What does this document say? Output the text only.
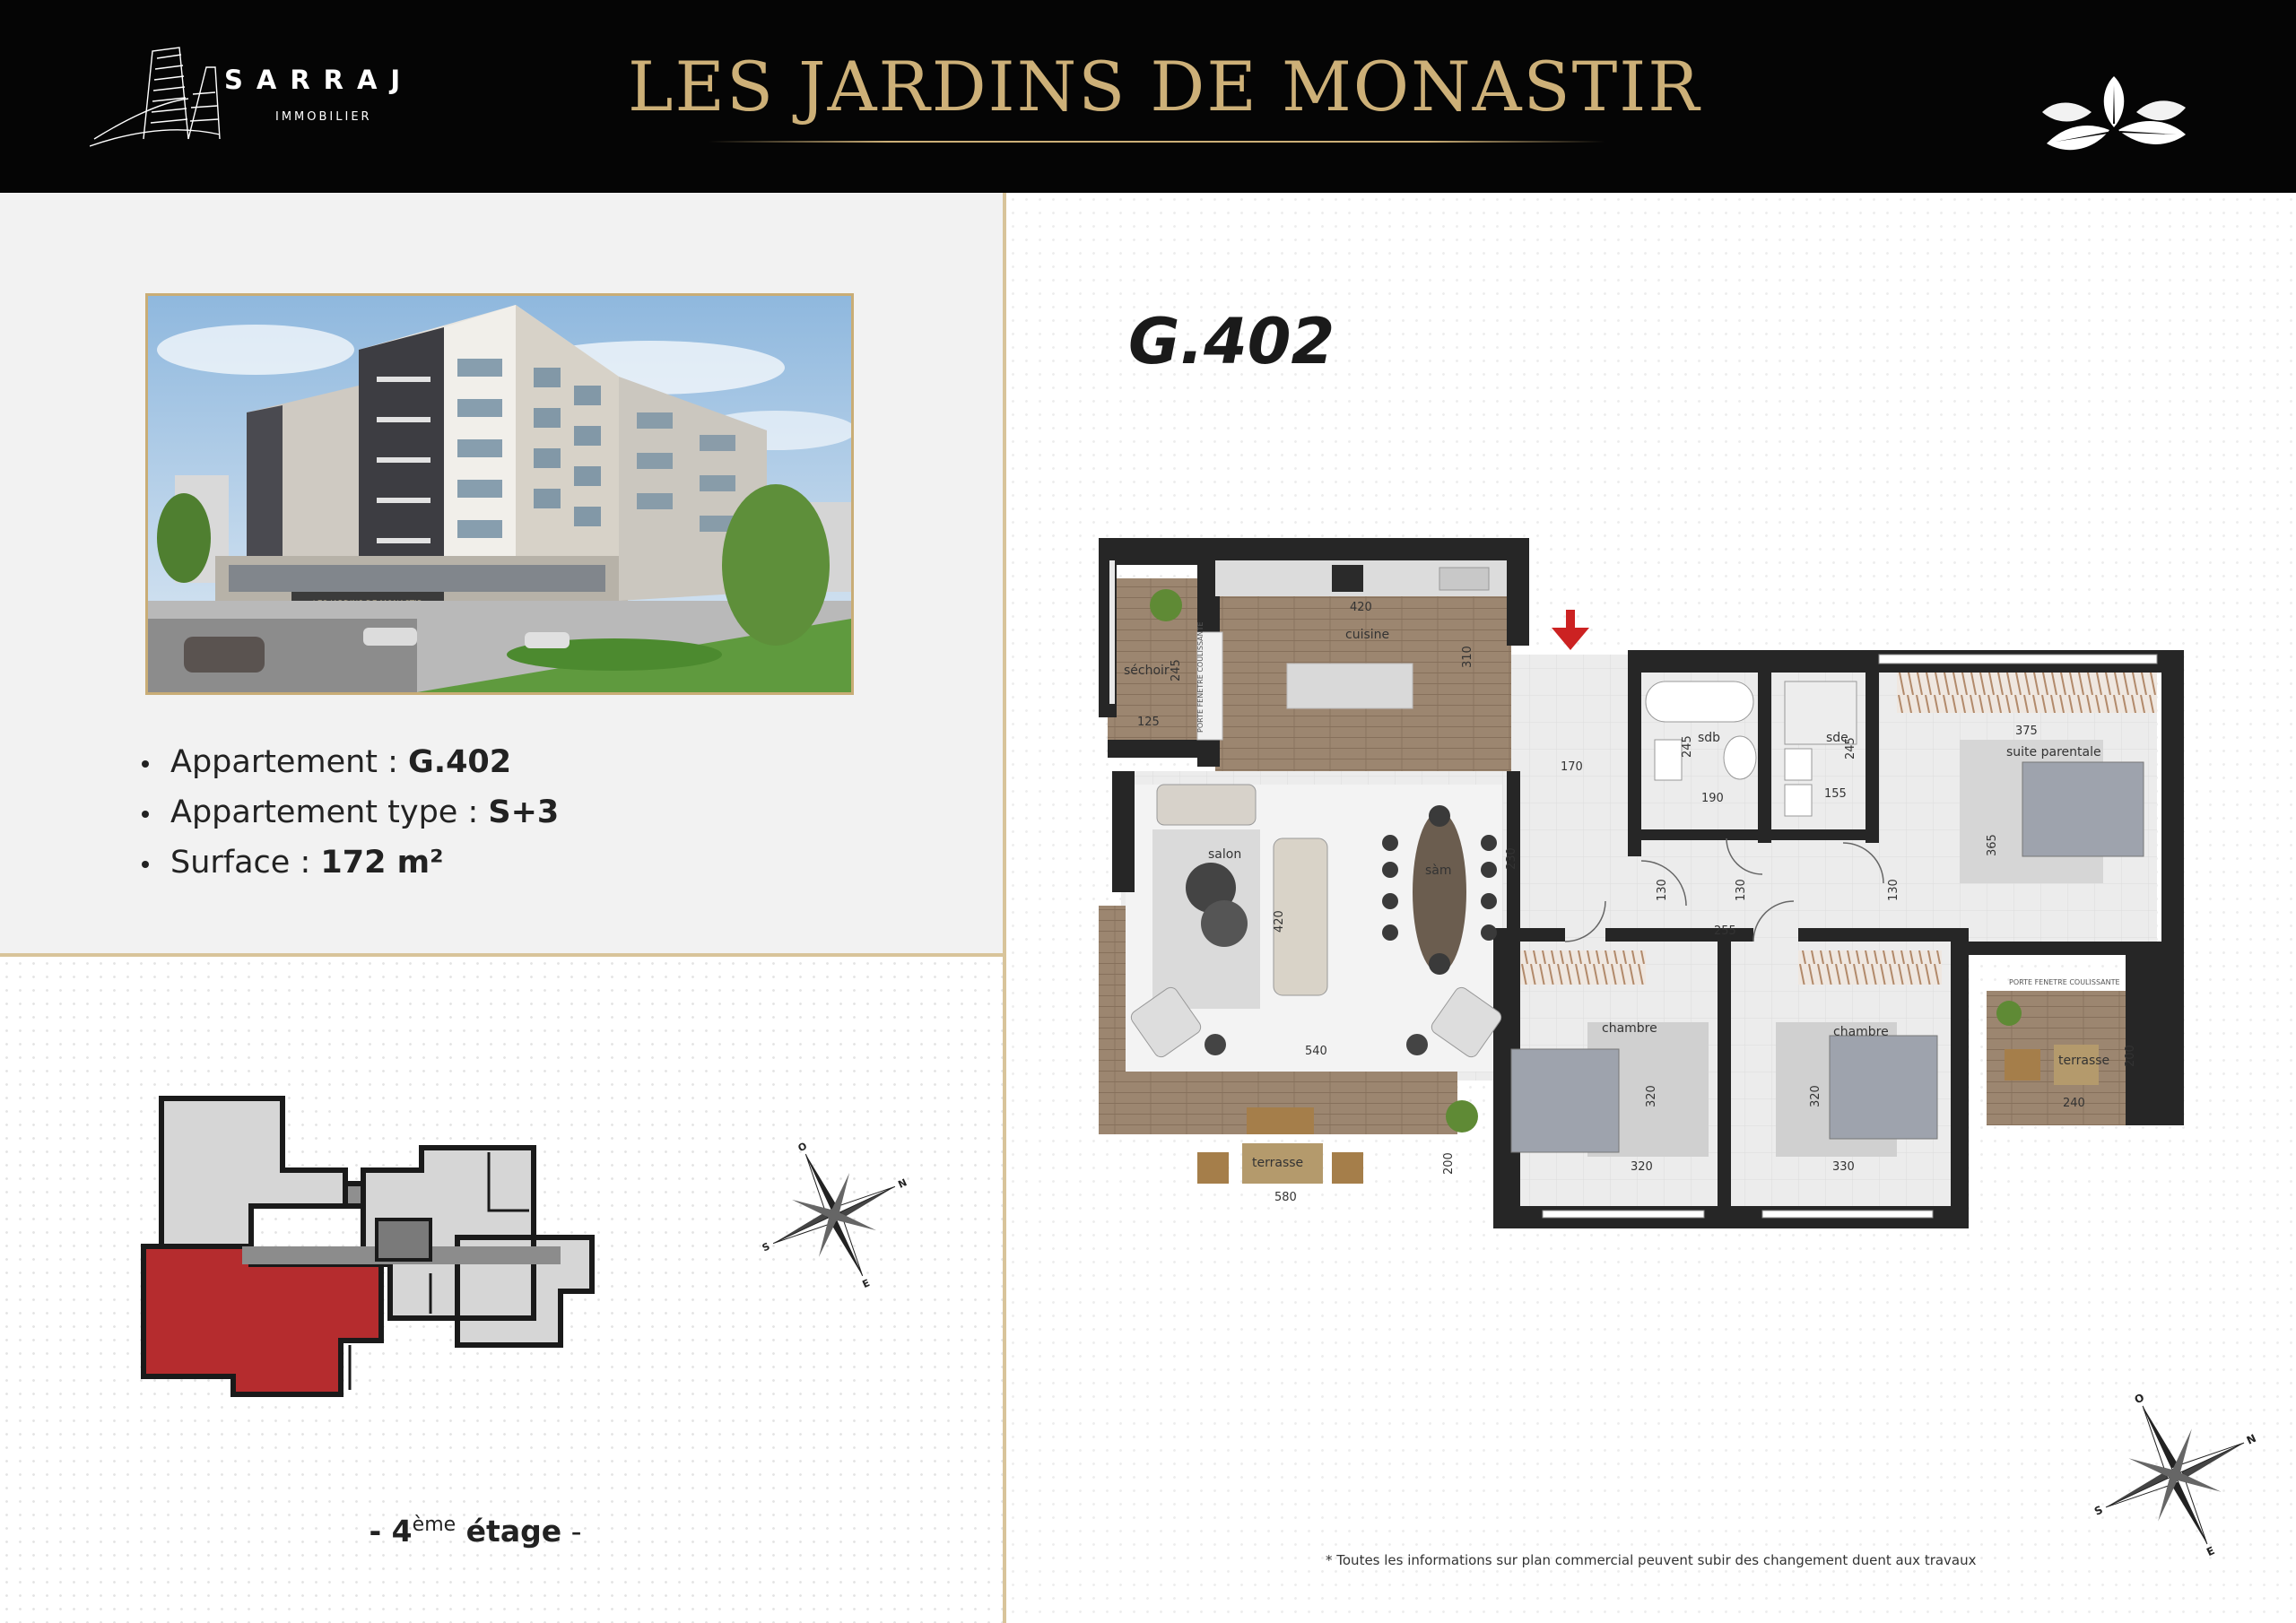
SARRAJ
IMMOBILIER	LES JARDINS DE MONASTIR
Appartement : G.402
Appartement type : S+3
Surface : 172 m²
O
N
E
S
- 4ème étage -
G.402
séchoir
cuisine
salon
sàm
terrasse
sdb	sde
suite parentale
chambre	chambre
terrasse
420
310
245
125
170
230
245
190
245
155
375
365
130	130
130
255
420
540
580
200
320
320
320
330
200
240
PORTE FENETRE COULISSANTE
PORTE FENETRE COULISSANTE
O
N
E
S
* Toutes les informations sur plan commercial peuvent subir des changement duent aux travaux
